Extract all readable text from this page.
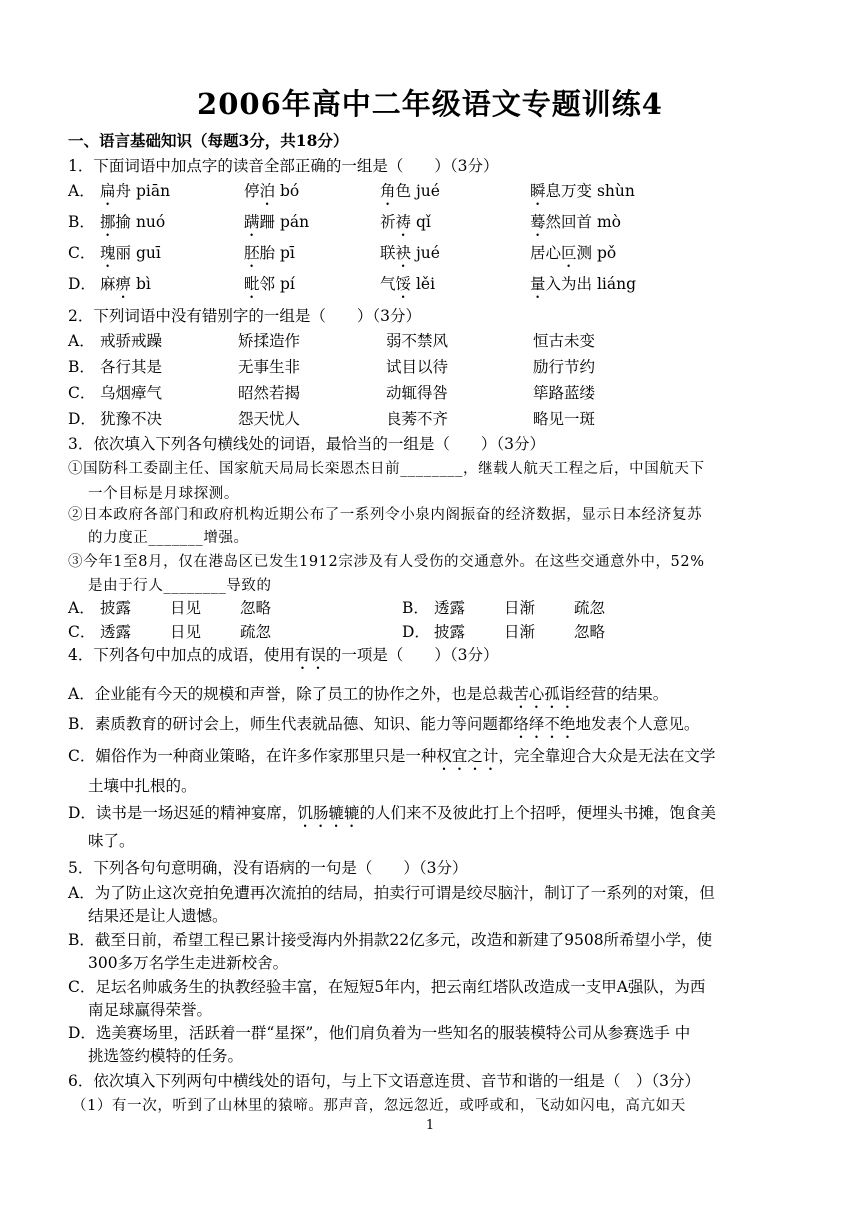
2006年高中二年级语文专题训练4
一、语言基础知识（每题3分，共18分）
1．下面词语中加点字的读音全部正确的一组是（　　）（3分）
A． 扁舟 piān	停泊 bó	角色 jué	瞬息万变 shùn
B． 挪揄 nuó	蹒跚 pán	祈祷 qǐ	蓦然回首 mò
C． 瑰丽 guī	胚胎 pī	联袂 jué	居心叵测 pǒ
D． 麻痹 bì	毗邻 pí	气馁 lěi	量入为出 liáng
2．下列词语中没有错别字的一组是（　　）（3分）
A． 戒骄戒躁	矫揉造作	弱不禁风	恒古未变
B． 各行其是	无事生非	试目以待	励行节约
C． 乌烟瘴气	昭然若揭	动辄得咎	筚路蓝缕
D． 犹豫不决	怨天忧人	良莠不齐	略见一斑
3．依次填入下列各句横线处的词语，最恰当的一组是（　　）（3分）
①国防科工委副主任、国家航天局局长栾恩杰日前________，继载人航天工程之后，中国航天下
一个目标是月球探测。
②日本政府各部门和政府机构近期公布了一系列令小泉内阁振奋的经济数据，显示日本经济复苏
的力度正_______增强。
③今年1至8月，仅在港岛区已发生1912宗涉及有人受伤的交通意外。在这些交通意外中，52%
是由于行人________导致的
A． 披露	日见	忽略	B． 透露	日渐	疏忽
C． 透露	日见	疏忽	D． 披露	日渐	忽略
4．下列各句中加点的成语，使用有误的一项是（　　）（3分）
A．企业能有今天的规模和声誉，除了员工的协作之外，也是总裁苦心孤诣经营的结果。
B．素质教育的研讨会上，师生代表就品德、知识、能力等问题都络绎不绝地发表个人意见。
C．媚俗作为一种商业策略，在许多作家那里只是一种权宜之计，完全靠迎合大众是无法在文学
土壤中扎根的。
D．读书是一场迟延的精神宴席，饥肠辘辘的人们来不及彼此打上个招呼，便埋头书摊，饱食美
味了。
5．下列各句句意明确，没有语病的一句是（　　）（3分）
A．为了防止这次竞拍免遭再次流拍的结局，拍卖行可谓是绞尽脑汁，制订了一系列的对策，但
结果还是让人遗憾。
B．截至日前，希望工程已累计接受海内外捐款22亿多元，改造和新建了9508所希望小学，使
300多万名学生走进新校舍。
C．足坛名帅戚务生的执教经验丰富，在短短5年内，把云南红塔队改造成一支甲A强队，为西
南足球赢得荣誉。
D．选美赛场里，活跃着一群“星探”，他们肩负着为一些知名的服装模特公司从参赛选手 中
挑选签约模特的任务。
6．依次填入下列两句中横线处的语句，与上下文语意连贯、音节和谐的一组是（　）（3分）
（1）有一次，听到了山林里的猿啼。那声音，忽远忽近，或呼或和，飞动如闪电，高亢如天
1
